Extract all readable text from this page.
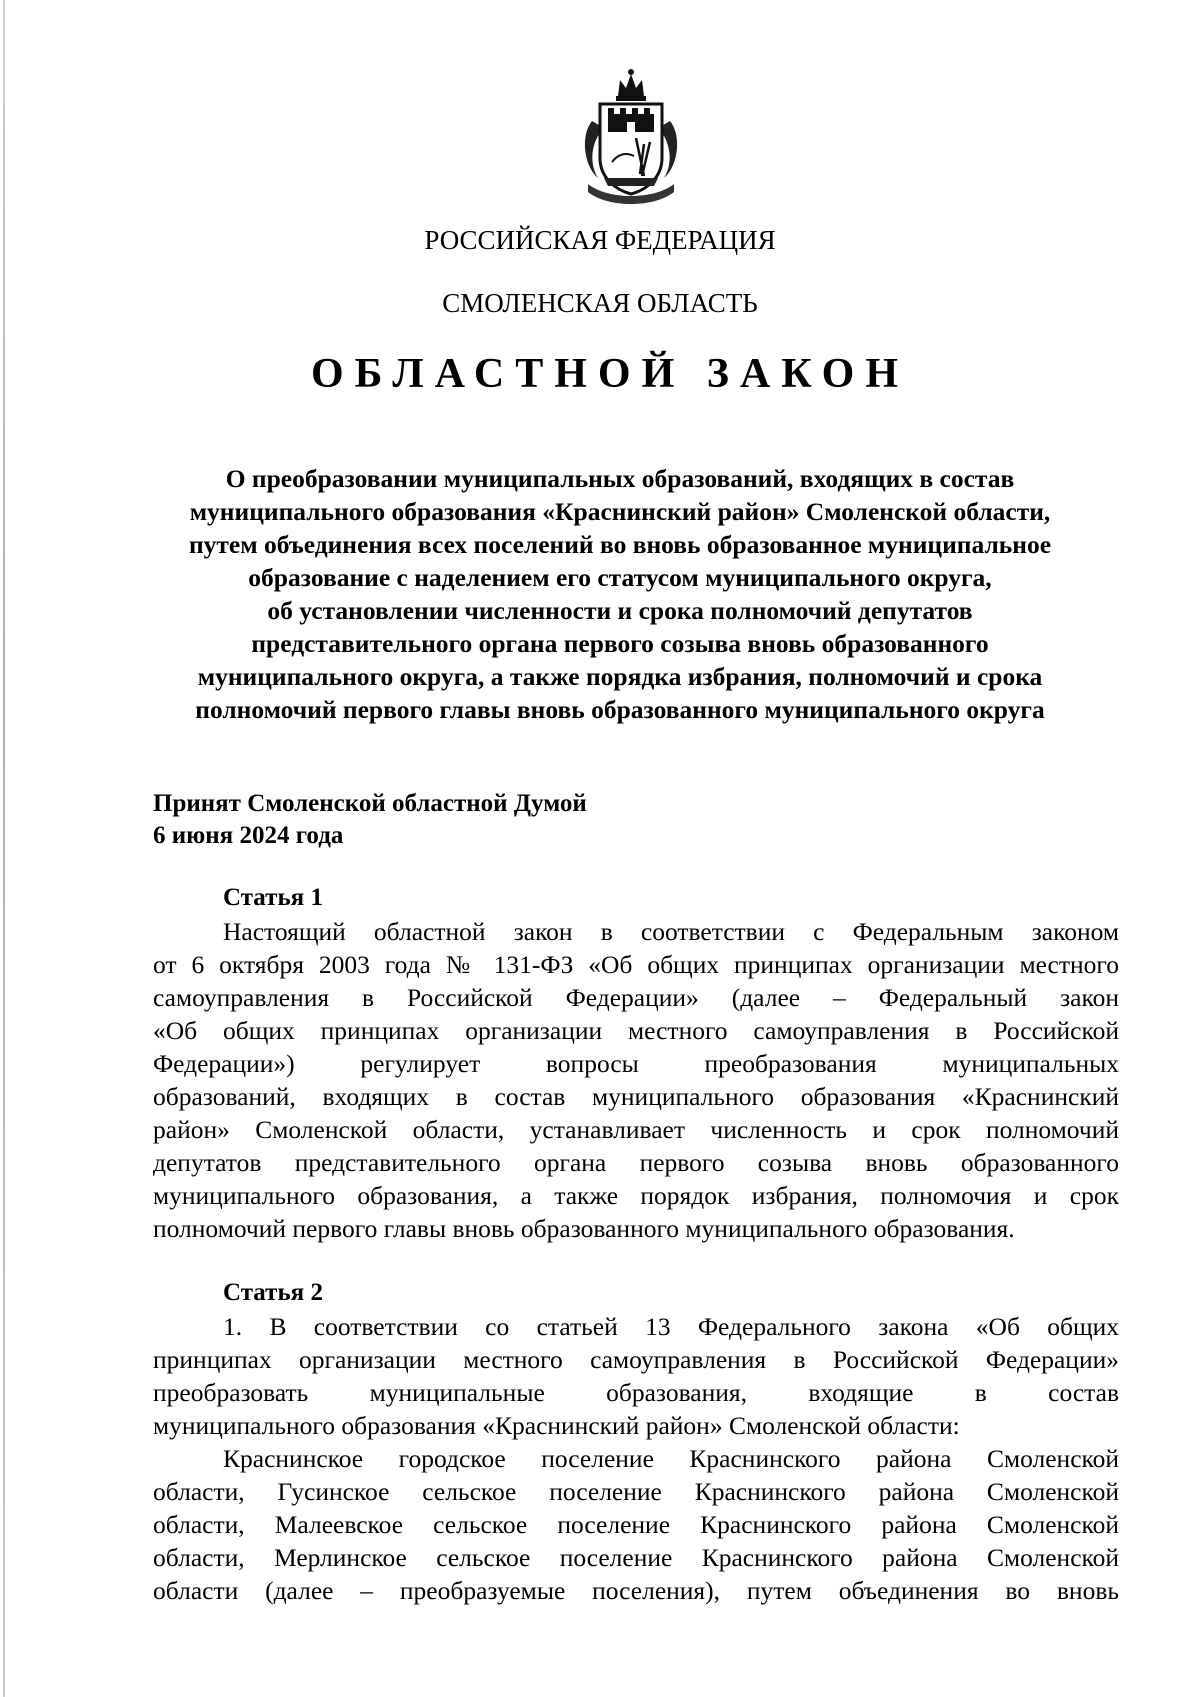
РОССИЙСКАЯ ФЕДЕРАЦИЯ
СМОЛЕНСКАЯ ОБЛАСТЬ
ОБЛАСТНОЙ ЗАКОН
О преобразовании муниципальных образований, входящих в состав
муниципального образования «Краснинский район» Смоленской области,
путем объединения всех поселений во вновь образованное муниципальное
образование с наделением его статусом муниципального округа,
об установлении численности и срока полномочий депутатов
представительного органа первого созыва вновь образованного
муниципального округа, а также порядка избрания, полномочий и срока
полномочий первого главы вновь образованного муниципального округа
Принят Смоленской областной Думой
6 июня 2024 года
Статья 1
Настоящий областной закон в соответствии с Федеральным законом
от 6 октября 2003 года № 131-ФЗ «Об общих принципах организации местного
самоуправления в Российской Федерации» (далее – Федеральный закон
«Об общих принципах организации местного самоуправления в Российской
Федерации») регулирует вопросы преобразования муниципальных
образований, входящих в состав муниципального образования «Краснинский
район» Смоленской области, устанавливает численность и срок полномочий
депутатов представительного органа первого созыва вновь образованного
муниципального образования, а также порядок избрания, полномочия и срок
полномочий первого главы вновь образованного муниципального образования.
Статья 2
1. В соответствии со статьей 13 Федерального закона «Об общих
принципах организации местного самоуправления в Российской Федерации»
преобразовать муниципальные образования, входящие в состав
муниципального образования «Краснинский район» Смоленской области:
Краснинское городское поселение Краснинского района Смоленской
области, Гусинское сельское поселение Краснинского района Смоленской
области, Малеевское сельское поселение Краснинского района Смоленской
области, Мерлинское сельское поселение Краснинского района Смоленской
области (далее – преобразуемые поселения), путем объединения во вновь
